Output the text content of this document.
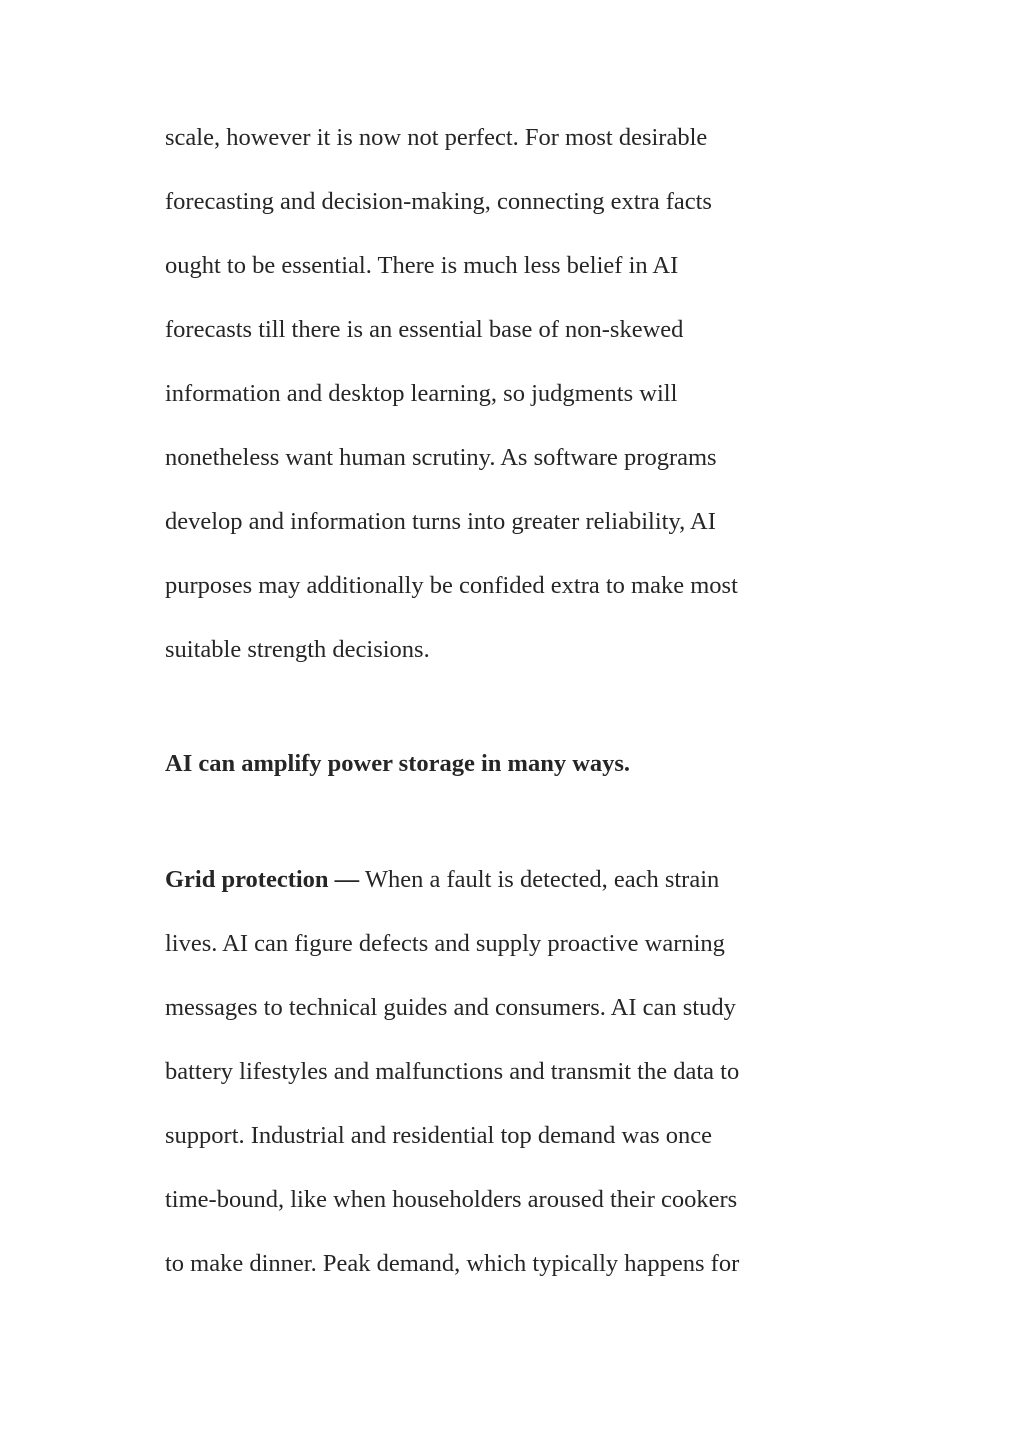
scale, however it is now not perfect. For most desirable
forecasting and decision-making, connecting extra facts
ought to be essential. There is much less belief in AI
forecasts till there is an essential base of non-skewed
information and desktop learning, so judgments will
nonetheless want human scrutiny. As software programs
develop and information turns into greater reliability, AI
purposes may additionally be confided extra to make most
suitable strength decisions.
AI can amplify power storage in many ways.
Grid protection — When a fault is detected, each strain
lives. AI can figure defects and supply proactive warning
messages to technical guides and consumers. AI can study
battery lifestyles and malfunctions and transmit the data to
support. Industrial and residential top demand was once
time-bound, like when householders aroused their cookers
to make dinner. Peak demand, which typically happens for
